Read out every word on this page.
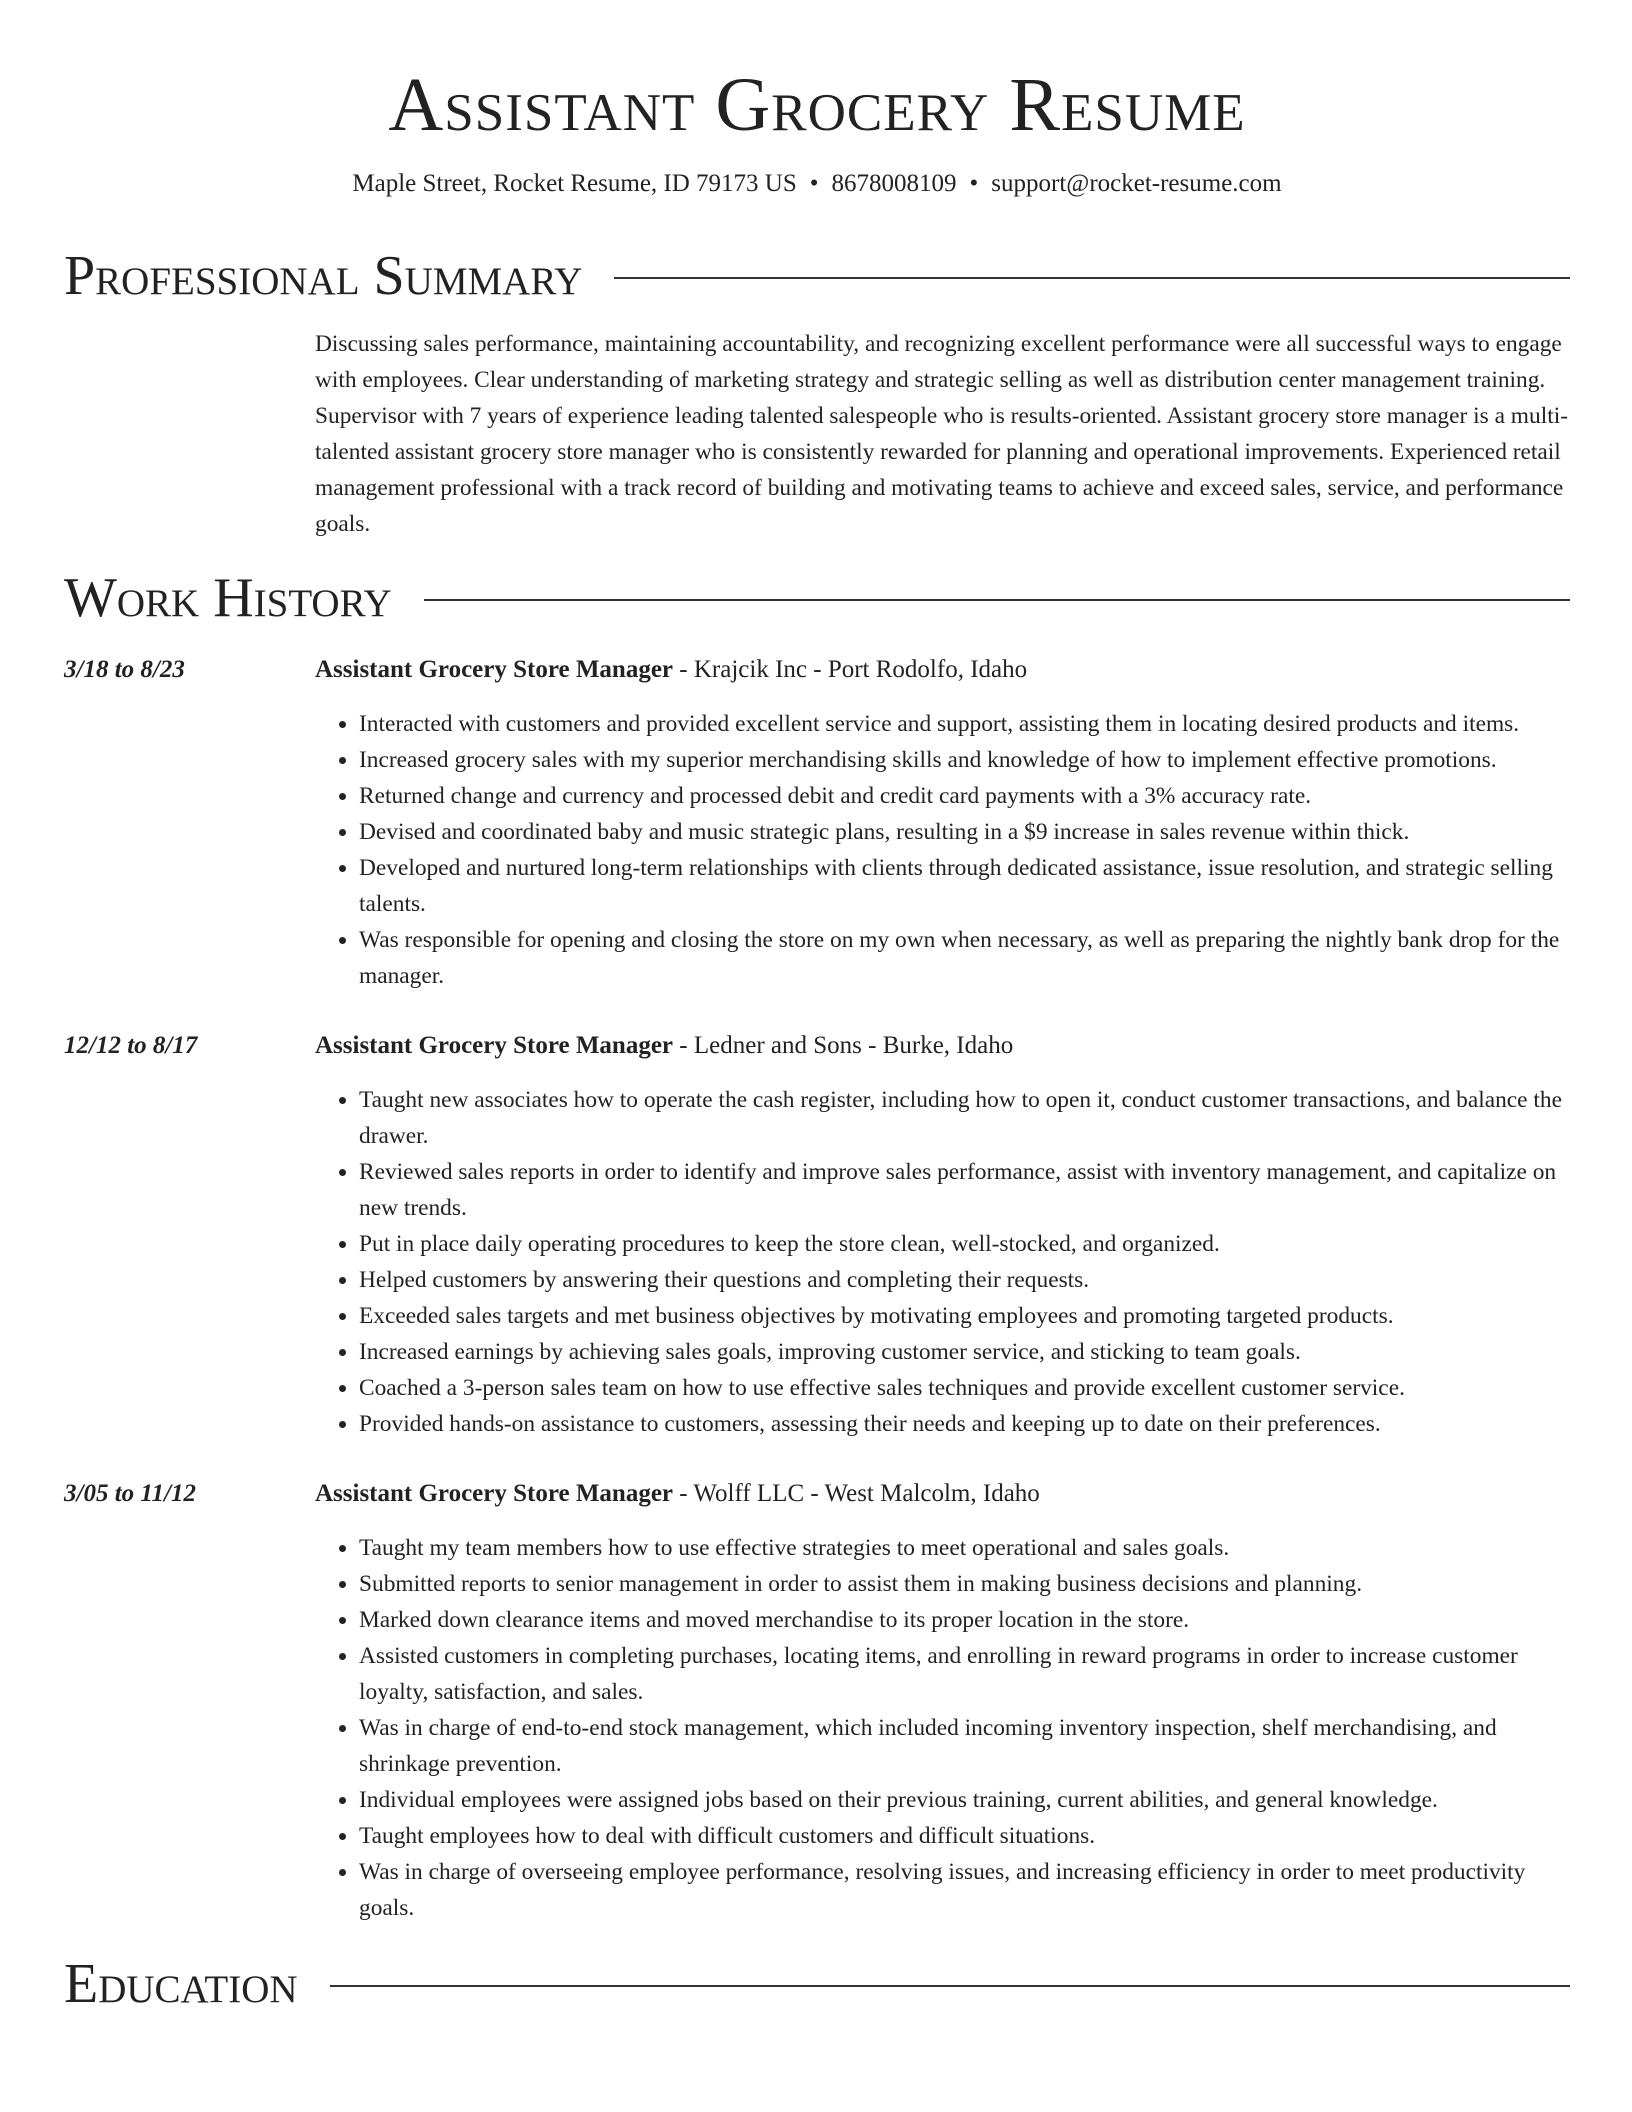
Assistant Grocery Resume
Maple Street, Rocket Resume, ID 79173 US • 8678008109 • support@rocket-resume.com
Professional Summary

Discussing sales performance, maintaining accountability, and recognizing excellent performance were all successful ways to engage with employees. Clear understanding of marketing strategy and strategic selling as well as distribution center management training. Supervisor with 7 years of experience leading talented salespeople who is results-oriented. Assistant grocery store manager is a multi-talented assistant grocery store manager who is consistently rewarded for planning and operational improvements. Experienced retail management professional with a track record of building and motivating teams to achieve and exceed sales, service, and performance goals.

Work History
3/18 to 8/23	Assistant Grocery Store Manager - Krajcik Inc - Port Rodolfo, Idaho
• Interacted with customers and provided excellent service and support, assisting them in locating desired products and items.
• Increased grocery sales with my superior merchandising skills and knowledge of how to implement effective promotions.
• Returned change and currency and processed debit and credit card payments with a 3% accuracy rate.
• Devised and coordinated baby and music strategic plans, resulting in a $9 increase in sales revenue within thick.
• Developed and nurtured long-term relationships with clients through dedicated assistance, issue resolution, and strategic selling talents.
• Was responsible for opening and closing the store on my own when necessary, as well as preparing the nightly bank drop for the manager.
12/12 to 8/17	Assistant Grocery Store Manager - Ledner and Sons - Burke, Idaho
• Taught new associates how to operate the cash register, including how to open it, conduct customer transactions, and balance the drawer.
• Reviewed sales reports in order to identify and improve sales performance, assist with inventory management, and capitalize on new trends.
• Put in place daily operating procedures to keep the store clean, well-stocked, and organized.
• Helped customers by answering their questions and completing their requests.
• Exceeded sales targets and met business objectives by motivating employees and promoting targeted products.
• Increased earnings by achieving sales goals, improving customer service, and sticking to team goals.
• Coached a 3-person sales team on how to use effective sales techniques and provide excellent customer service.
• Provided hands-on assistance to customers, assessing their needs and keeping up to date on their preferences.
3/05 to 11/12	Assistant Grocery Store Manager - Wolff LLC - West Malcolm, Idaho
• Taught my team members how to use effective strategies to meet operational and sales goals.
• Submitted reports to senior management in order to assist them in making business decisions and planning.
• Marked down clearance items and moved merchandise to its proper location in the store.
• Assisted customers in completing purchases, locating items, and enrolling in reward programs in order to increase customer loyalty, satisfaction, and sales.
• Was in charge of end-to-end stock management, which included incoming inventory inspection, shelf merchandising, and shrinkage prevention.
• Individual employees were assigned jobs based on their previous training, current abilities, and general knowledge.
• Taught employees how to deal with difficult customers and difficult situations.
• Was in charge of overseeing employee performance, resolving issues, and increasing efficiency in order to meet productivity goals.
Education
